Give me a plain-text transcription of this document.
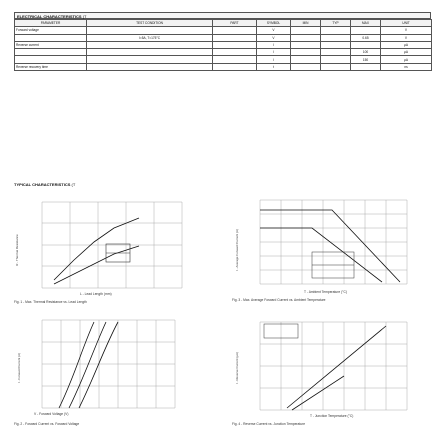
ELECTRICAL CHARACTERISTICS (T
PARAMETER	TEST CONDITION	PART	SYMBOL	MIN	TYP	MAX	UNIT
Forward voltage			V				V
	I=5A, T=175°C		V			0.65	V
Reverse current			I				μA
			I			100	μA
			I			150	μA
Reverse recovery time			t				ns
TYPICAL CHARACTERISTICS (T
R - Thermal Resistance
L - Lead Length (mm)
Fig. 1 - Max. Thermal Resistance vs. Lead Length
I - Average Forward Current (A)
T - Ambient Temperature (°C)
Fig. 3 - Max. Average Forward Current vs. Ambient Temperature
I - Forward Current (A)
V - Forward Voltage (V)
Fig. 2 - Forward Current vs. Forward Voltage
I - Reverse Current (μA)
T - Junction Temperature (°C)
Fig. 4 - Reverse Current vs. Junction Temperature
